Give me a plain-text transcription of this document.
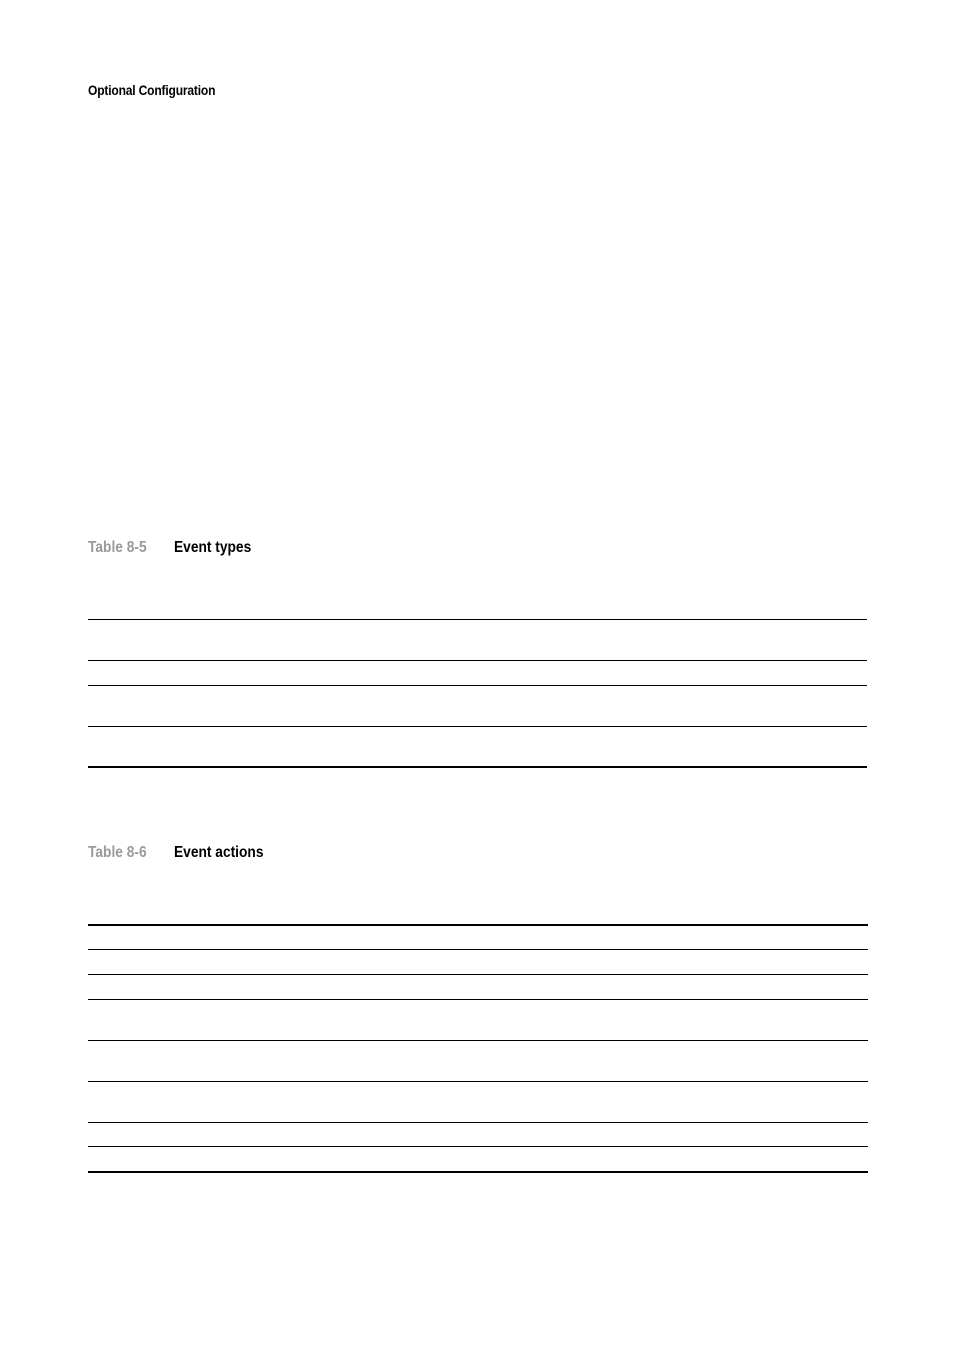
Optional Configuration
Table 8-5 Event types
Table 8-6 Event actions
